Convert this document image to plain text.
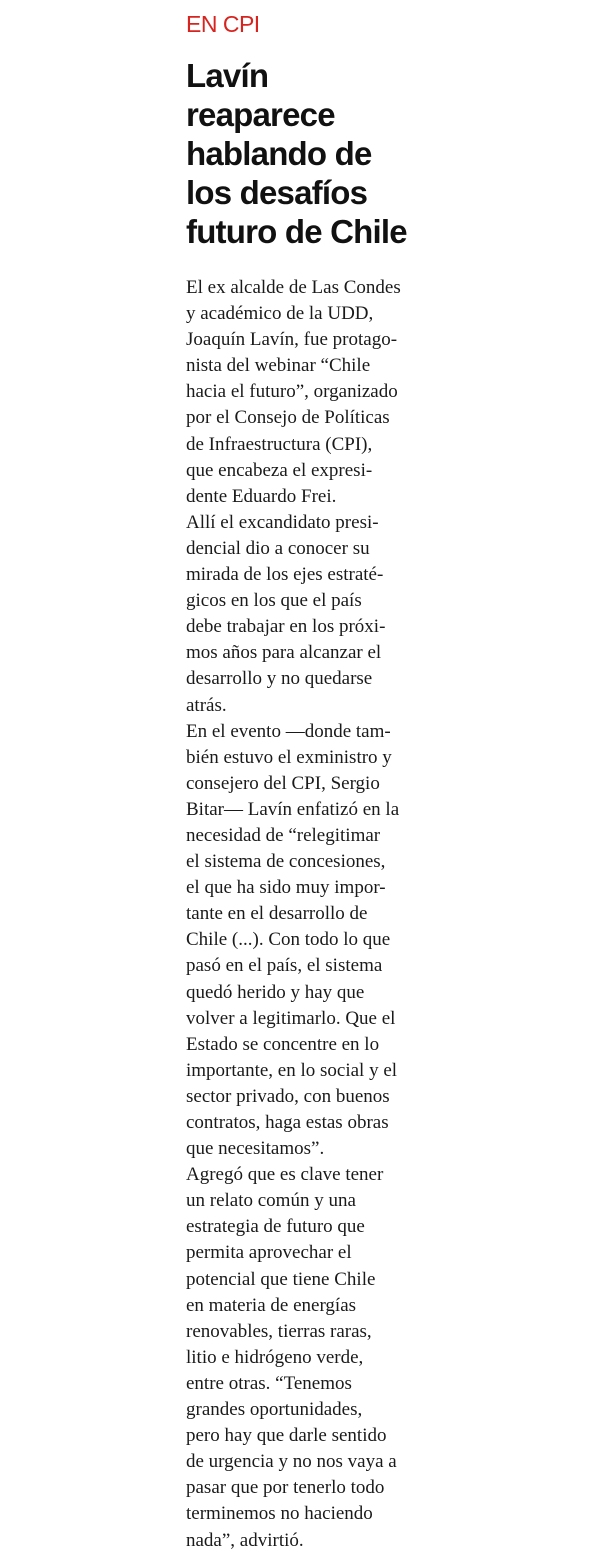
EN CPI
Lavín
reaparece
hablando de
los desafíos
futuro de Chile
El ex alcalde de Las Condes
y académico de la UDD,
Joaquín Lavín, fue protago-
nista del webinar “Chile
hacia el futuro”, organizado
por el Consejo de Políticas
de Infraestructura (CPI),
que encabeza el expresi-
dente Eduardo Frei.
Allí el excandidato presi-
dencial dio a conocer su
mirada de los ejes estraté-
gicos en los que el país
debe trabajar en los próxi-
mos años para alcanzar el
desarrollo y no quedarse
atrás.
En el evento —donde tam-
bién estuvo el exministro y
consejero del CPI, Sergio
Bitar— Lavín enfatizó en la
necesidad de “relegitimar
el sistema de concesiones,
el que ha sido muy impor-
tante en el desarrollo de
Chile (...). Con todo lo que
pasó en el país, el sistema
quedó herido y hay que
volver a legitimarlo. Que el
Estado se concentre en lo
importante, en lo social y el
sector privado, con buenos
contratos, haga estas obras
que necesitamos”.
Agregó que es clave tener
un relato común y una
estrategia de futuro que
permita aprovechar el
potencial que tiene Chile
en materia de energías
renovables, tierras raras,
litio e hidrógeno verde,
entre otras. “Tenemos
grandes oportunidades,
pero hay que darle sentido
de urgencia y no nos vaya a
pasar que por tenerlo todo
terminemos no haciendo
nada”, advirtió.
